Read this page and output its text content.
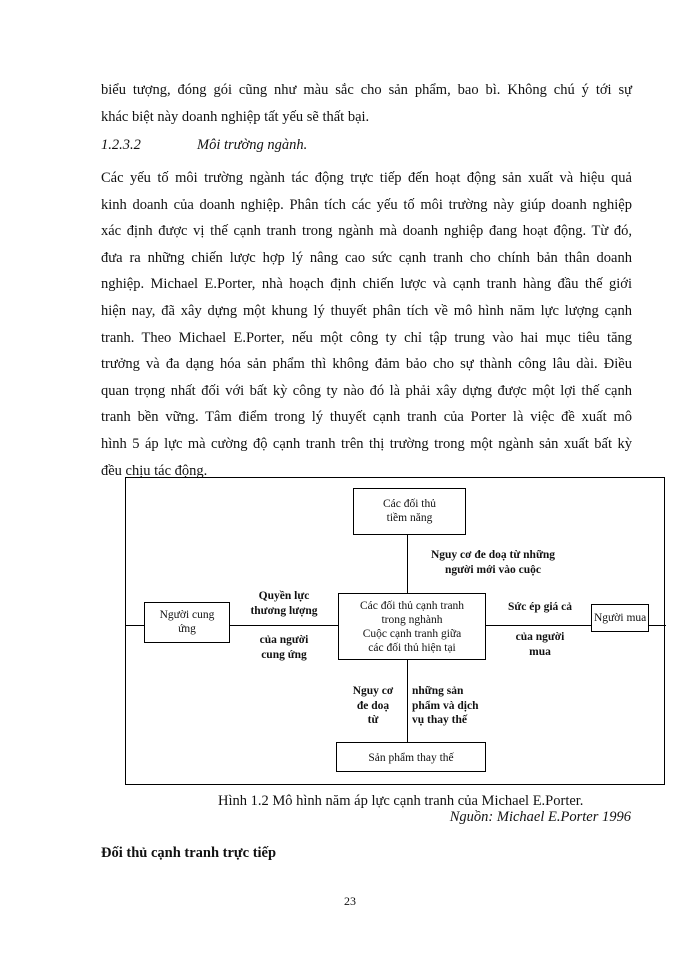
biểu tượng, đóng gói cũng như màu sắc cho sản phẩm, bao bì. Không chú ý tới sự
khác biệt này doanh nghiệp tất yếu sẽ thất bại.

1.2.3.2	Môi trường ngành.

Các yếu tố môi trường ngành tác động trực tiếp đến hoạt động sản xuất và hiệu quả
kinh doanh của doanh nghiệp. Phân tích các yếu tố môi trường này giúp doanh nghiệp
xác định được vị thế cạnh tranh trong ngành mà doanh nghiệp đang hoạt động. Từ đó,
đưa ra những chiến lược hợp lý nâng cao sức cạnh tranh cho chính bản thân doanh
nghiệp. Michael E.Porter, nhà hoạch định chiến lược và cạnh tranh hàng đầu thế giới
hiện nay, đã xây dựng một khung lý thuyết phân tích về mô hình năm lực lượng cạnh
tranh. Theo Michael E.Porter, nếu một công ty chỉ tập trung vào hai mục tiêu tăng
trưởng và đa dạng hóa sản phẩm thì không đảm bảo cho sự thành công lâu dài. Điều
quan trọng nhất đối với bất kỳ công ty nào đó là phải xây dựng được một lợi thế cạnh
tranh bền vững. Tâm điểm trong lý thuyết cạnh tranh của Porter là việc đề xuất mô
hình 5 áp lực mà cường độ cạnh tranh trên thị trường trong một ngành sản xuất bất kỳ
đều chịu tác động.
Các đối thủ
tiềm năng
Các đối thủ cạnh tranh
trong nghành
Cuộc cạnh tranh giữa
các đối thủ hiện tại
Người cung
ứng
Người mua
Sản phẩm thay thế
Nguy cơ đe doạ từ những
người mới vào cuộc
Quyền lực
thương lượng
của người
cung ứng
Sức ép giá cả
của người
mua
Nguy cơ
đe doạ
từ
những sản
phẩm và dịch
vụ thay thế

Hình 1.2 Mô hình năm áp lực cạnh tranh của Michael E.Porter.

Nguồn: Michael E.Porter 1996

Đối thủ cạnh tranh trực tiếp

23
